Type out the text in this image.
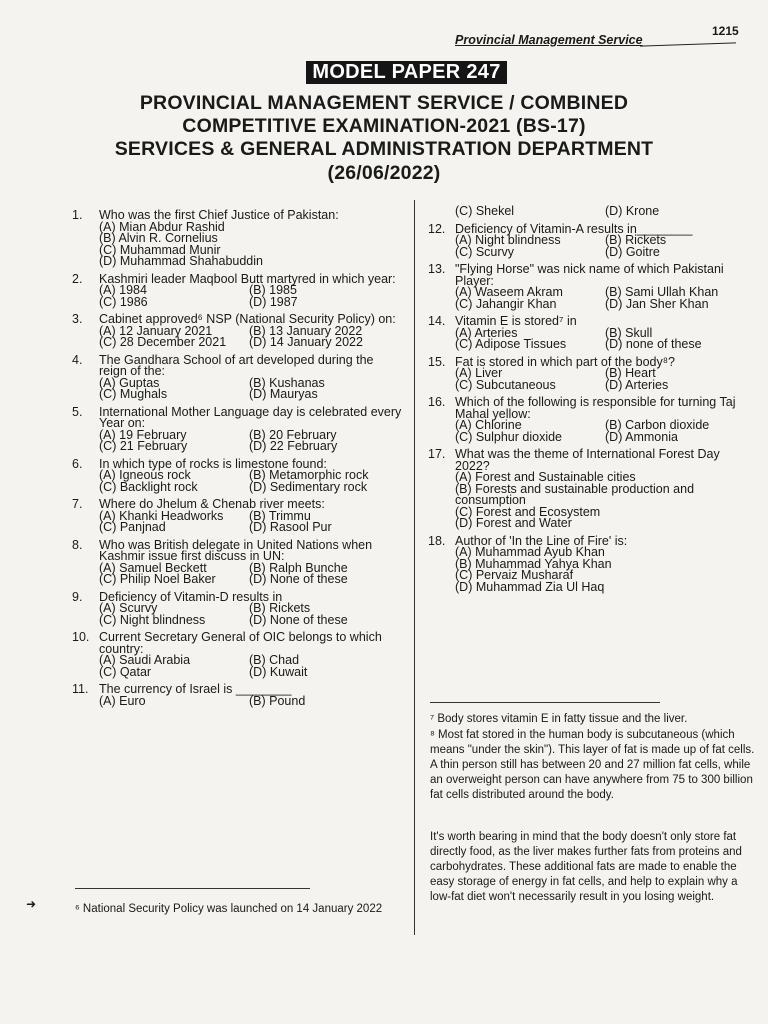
Provincial Management Service
1215
MODEL PAPER 247
PROVINCIAL MANAGEMENT SERVICE / COMBINED
COMPETITIVE EXAMINATION-2021 (BS-17)
SERVICES & GENERAL ADMINISTRATION DEPARTMENT
(26/06/2022)
1. Who was the first Chief Justice of Pakistan:
(A) Mian Abdur Rashid
(B) Alvin R. Cornelius
(C) Muhammad Munir
(D) Muhammad Shahabuddin
2. Kashmiri leader Maqbool Butt martyred in which year:
(A) 1984	(B) 1985
(C) 1986	(D) 1987
3. Cabinet approved⁶ NSP (National Security Policy) on:
(A) 12 January 2021	(B) 13 January 2022
(C) 28 December 2021	(D) 14 January 2022
4. The Gandhara School of art developed during the reign of the:
(A) Guptas	(B) Kushanas
(C) Mughals	(D) Mauryas
5. International Mother Language day is celebrated every Year on:
(A) 19 February	(B) 20 February
(C) 21 February	(D) 22 February
6. In which type of rocks is limestone found:
(A) Igneous rock	(B) Metamorphic rock
(C) Backlight rock	(D) Sedimentary rock
7. Where do Jhelum & Chenab river meets:
(A) Khanki Headworks	(B) Trimmu
(C) Panjnad	(D) Rasool Pur
8. Who was British delegate in United Nations when Kashmir issue first discuss in UN:
(A) Samuel Beckett	(B) Ralph Bunche
(C) Philip Noel Baker	(D) None of these
9. Deficiency of Vitamin-D results in
(A) Scurvy	(B) Rickets
(C) Night blindness	(D) None of these
10. Current Secretary General of OIC belongs to which country:
(A) Saudi Arabia	(B) Chad
(C) Qatar	(D) Kuwait
11. The currency of Israel is ________
(A) Euro	(B) Pound
(C) Shekel	(D) Krone
12. Deficiency of Vitamin-A results in________
(A) Night blindness	(B) Rickets
(C) Scurvy	(D) Goitre
13. "Flying Horse" was nick name of which Pakistani Player:
(A) Waseem Akram	(B) Sami Ullah Khan
(C) Jahangir Khan	(D) Jan Sher Khan
14. Vitamin E is stored⁷ in
(A) Arteries	(B) Skull
(C) Adipose Tissues	(D) none of these
15. Fat is stored in which part of the body⁸?
(A) Liver	(B) Heart
(C) Subcutaneous	(D) Arteries
16. Which of the following is responsible for turning Taj Mahal yellow:
(A) Chlorine	(B) Carbon dioxide
(C) Sulphur dioxide	(D) Ammonia
17. What was the theme of International Forest Day 2022?
(A) Forest and Sustainable cities
(B) Forests and sustainable production and consumption
(C) Forest and Ecosystem
(D) Forest and Water
18. Author of 'In the Line of Fire' is:
(A) Muhammad Ayub Khan
(B) Muhammad Yahya Khan
(C) Pervaiz Musharaf
(D) Muhammad Zia Ul Haq
➜	⁶ National Security Policy was launched on 14 January 2022
⁷ Body stores vitamin E in fatty tissue and the liver.
⁸ Most fat stored in the human body is subcutaneous (which means "under the skin"). This layer of fat is made up of fat cells. A thin person still has between 20 and 27 million fat cells, while an overweight person can have anywhere from 75 to 300 billion fat cells distributed around the body.
It's worth bearing in mind that the body doesn't only store fat directly food, as the liver makes further fats from proteins and carbohydrates. These additional fats are made to enable the easy storage of energy in fat cells, and help to explain why a low-fat diet won't necessarily result in you losing weight.
